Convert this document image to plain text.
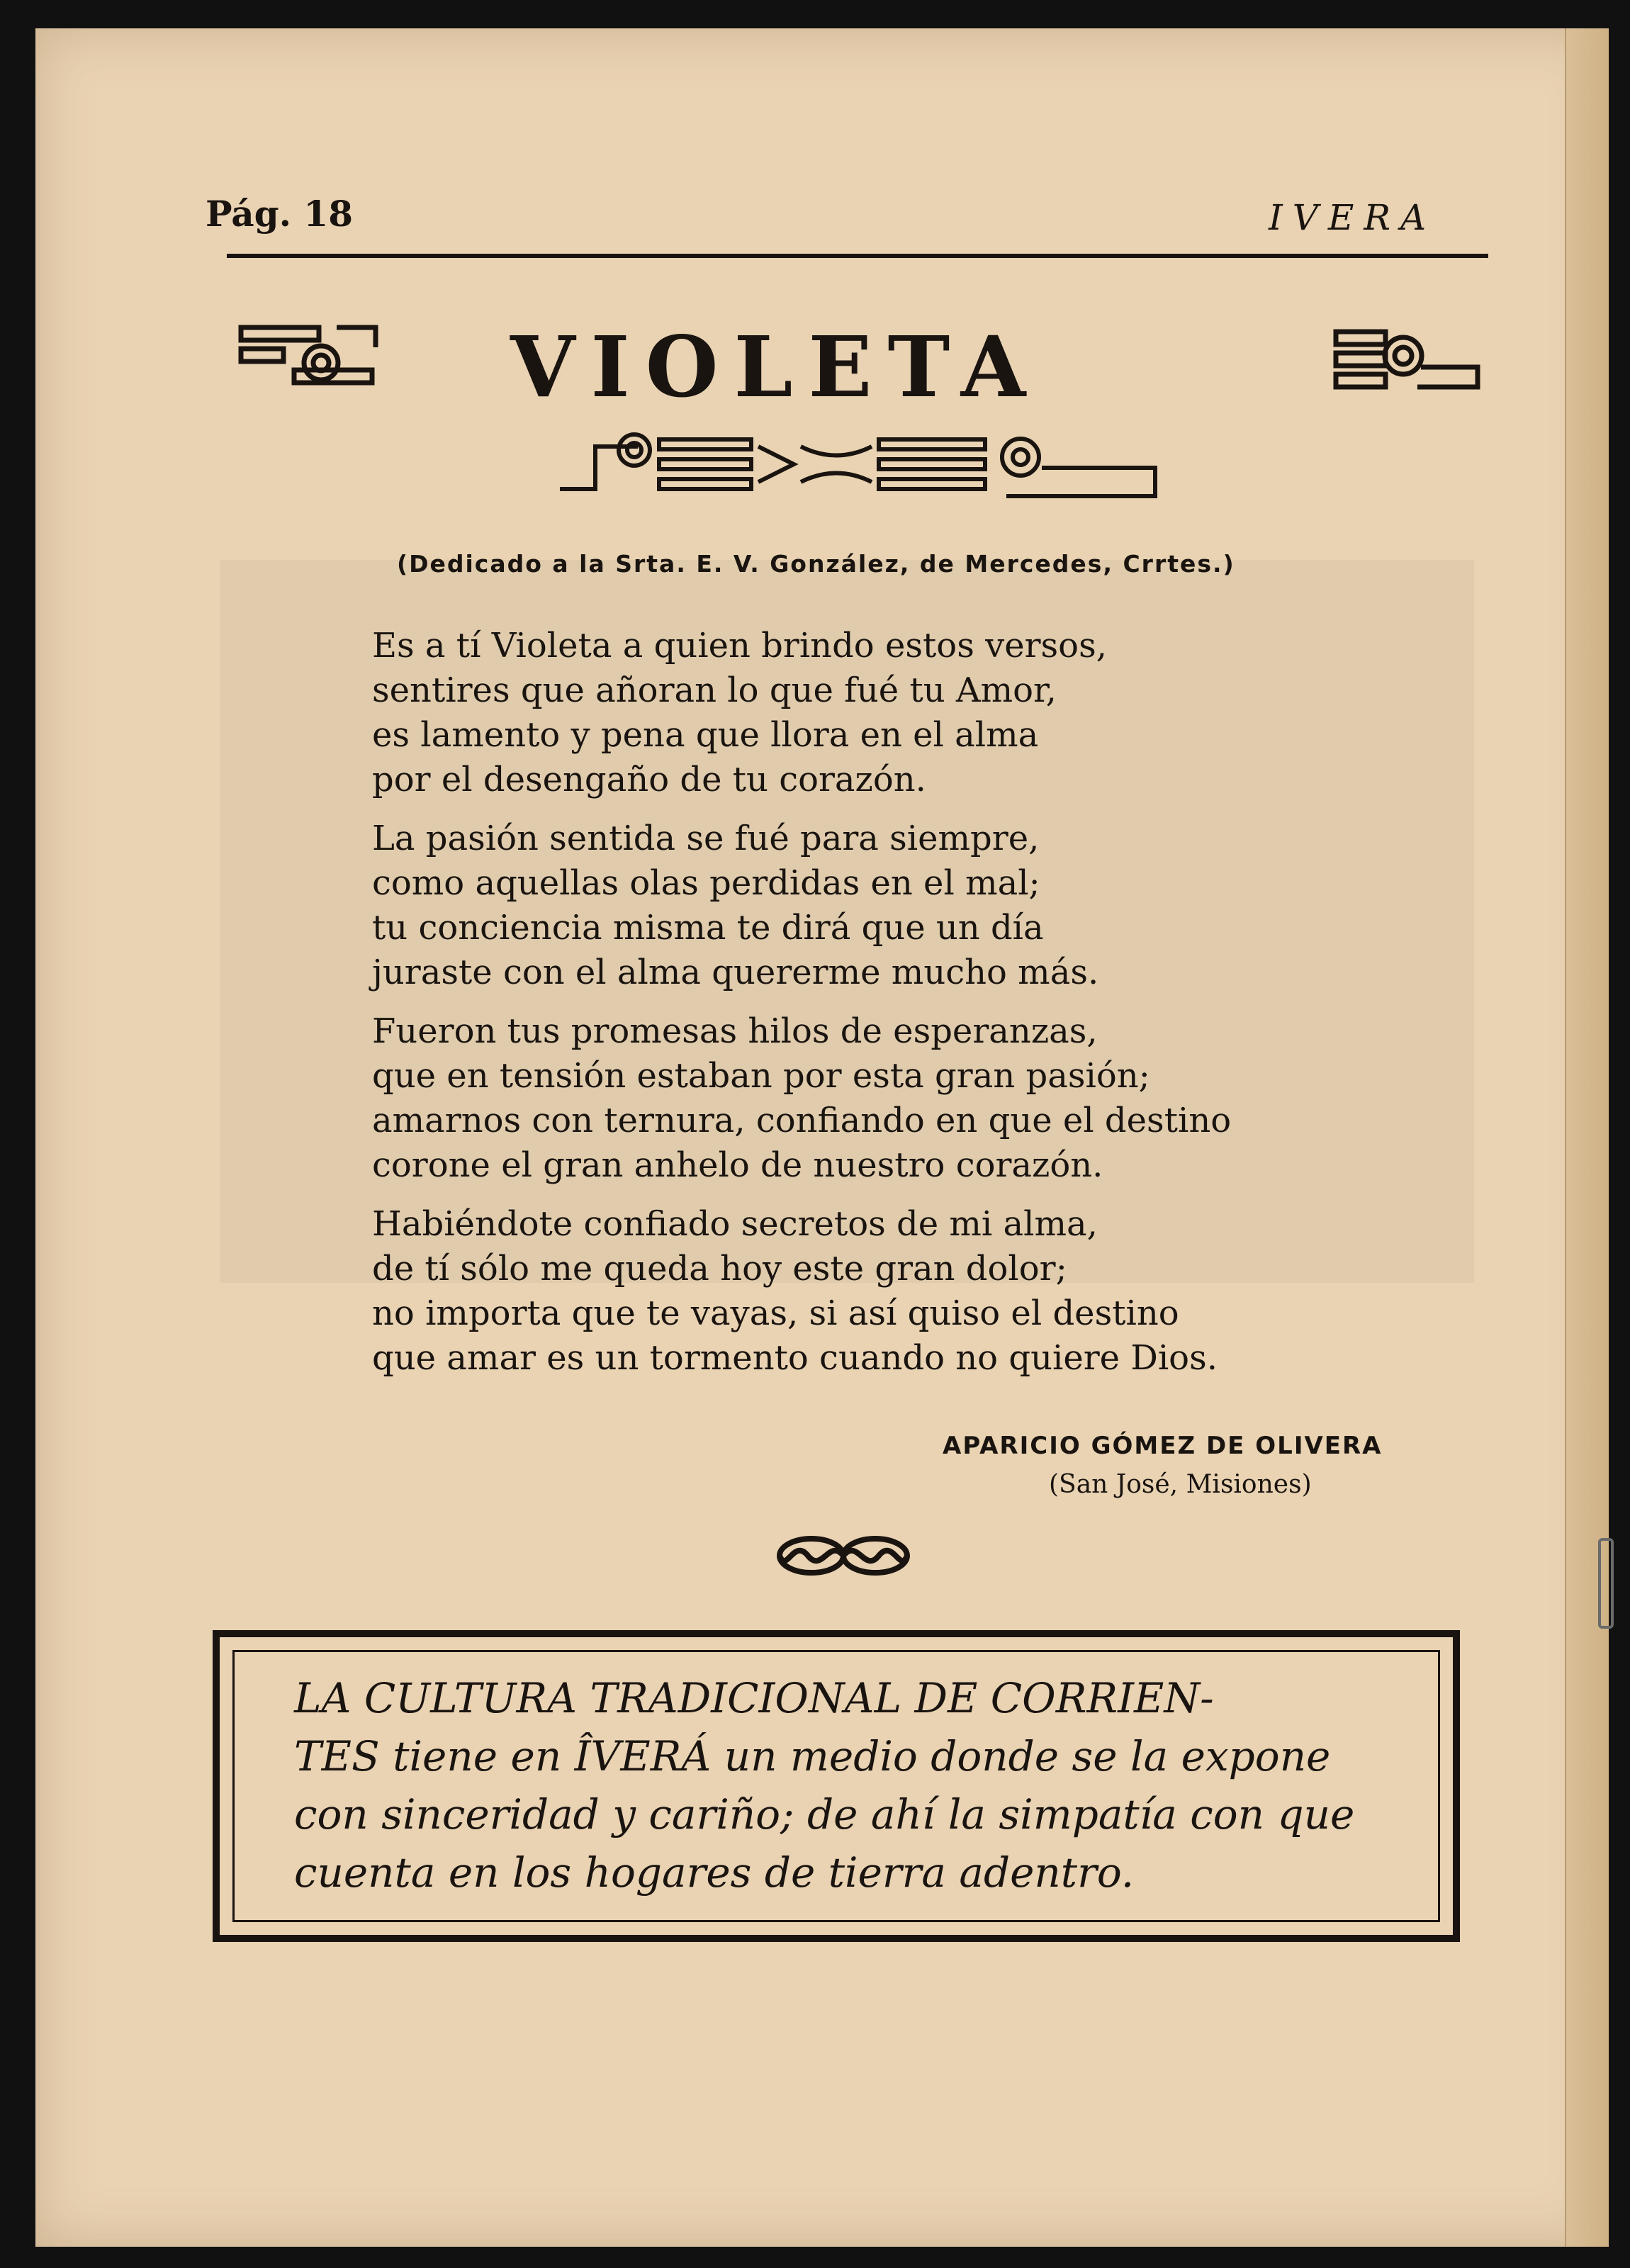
Pág. 18	IVERA
VIOLETA
(Dedicado a la Srta. E. V. González, de Mercedes, Crrtes.)
Es a tí Violeta a quien brindo estos versos,
sentires que añoran lo que fué tu Amor,
es lamento y pena que llora en el alma
por el desengaño de tu corazón.
La pasión sentida se fué para siempre,
como aquellas olas perdidas en el mal;
tu conciencia misma te dirá que un día
juraste con el alma quererme mucho más.
Fueron tus promesas hilos de esperanzas,
que en tensión estaban por esta gran pasión;
amarnos con ternura, confiando en que el destino
corone el gran anhelo de nuestro corazón.
Habiéndote confiado secretos de mi alma,
de tí sólo me queda hoy este gran dolor;
no importa que te vayas, si así quiso el destino
que amar es un tormento cuando no quiere Dios.
APARICIO GÓMEZ DE OLIVERA
(San José, Misiones)
LA CULTURA TRADICIONAL DE CORRIEN-
TES tiene en ÎVERÁ un medio donde se la expone
con sinceridad y cariño; de ahí la simpatía con que
cuenta en los hogares de tierra adentro.
